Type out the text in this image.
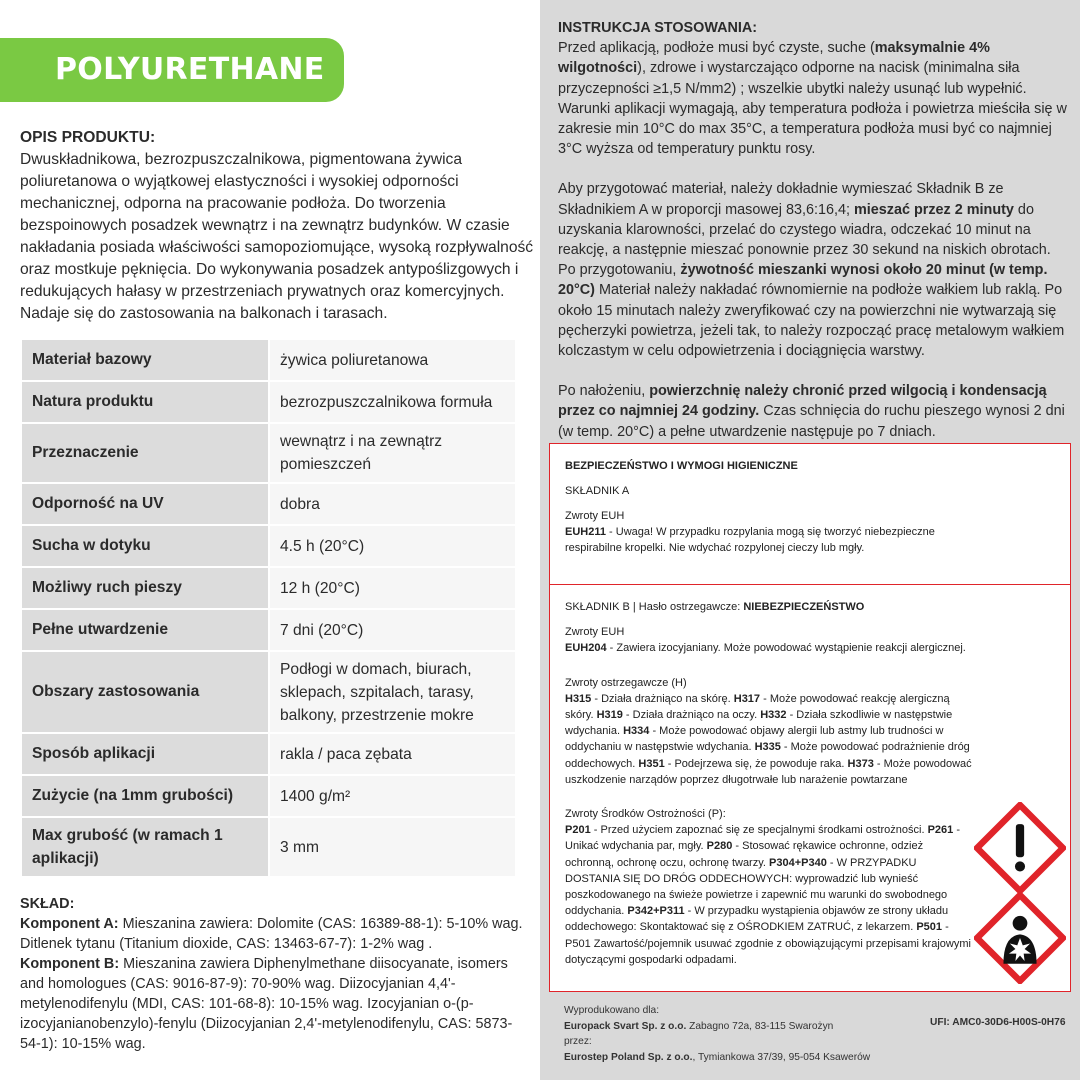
POLYURETHANE
OPIS PRODUKTU:
Dwuskładnikowa, bezrozpuszczalnikowa, pigmentowana żywica poliuretanowa o wyjątkowej elastyczności i wysokiej odporności mechanicznej, odporna na pracowanie podłoża. Do tworzenia bezspoinowych posadzek wewnątrz i na zewnątrz budynków. W czasie nakładania posiada właściwości samopoziomujące, wysoką rozpływalność oraz mostkuje pęknięcia. Do wykonywania posadzek antypoślizgowych i redukujących hałasy w przestrzeniach prywatnych oraz komercyjnych. Nadaje się do zastosowania na balkonach i tarasach.
Materiał bazowy	żywica poliuretanowa
Natura produktu	bezrozpuszczalnikowa formuła
Przeznaczenie	wewnątrz i na zewnątrz pomieszczeń
Odporność na UV	dobra
Sucha w dotyku	4.5 h (20°C)
Możliwy ruch pieszy	12 h (20°C)
Pełne utwardzenie	7 dni (20°C)
Obszary zastosowania	Podłogi w domach, biurach, sklepach, szpitalach, tarasy, balkony, przestrzenie mokre
Sposób aplikacji	rakla / paca zębata
Zużycie (na 1mm grubości)	1400 g/m²
Max grubość (w ramach 1 aplikacji)	3 mm
SKŁAD:
Komponent A: Mieszanina zawiera: Dolomite (CAS: 16389-88-1): 5-10% wag. Ditlenek tytanu (Titanium dioxide, CAS: 13463-67-7): 1-2% wag .
Komponent B: Mieszanina zawiera Diphenylmethane diisocyanate, isomers and homologues (CAS: 9016-87-9): 70-90% wag. Diizocyjanian 4,4'-metylenodifenylu (MDI, CAS: 101-68-8): 10-15% wag. Izocyjanian o-(p-izocyjanianobenzylo)-fenylu (Diizocyjanian 2,4'-metylenodifenylu, CAS: 5873-54-1): 10-15% wag.

INSTRUKCJA STOSOWANIA:

Przed aplikacją, podłoże musi być czyste, suche (maksymalnie 4% wilgotności), zdrowe i wystarczająco odporne na nacisk (minimalna siła przyczepności ≥1,5 N/mm2) ; wszelkie ubytki należy usunąć lub wypełnić. Warunki aplikacji wymagają, aby temperatura podłoża i powietrza mieściła się w zakresie min 10°C do max 35°C, a temperatura podłoża musi być co najmniej 3°C wyższa od temperatury punktu rosy.

Aby przygotować materiał, należy dokładnie wymieszać Składnik B ze Składnikiem A w proporcji masowej 83,6:16,4; mieszać przez 2 minuty do uzyskania klarowności, przelać do czystego wiadra, odczekać 10 minut na reakcję, a następnie mieszać ponownie przez 30 sekund na niskich obrotach. Po przygotowaniu, żywotność mieszanki wynosi około 20 minut (w temp. 20°C) Materiał należy nakładać równomiernie na podłoże wałkiem lub raklą. Po około 15 minutach należy zweryfikować czy na powierzchni nie wytwarzają się pęcherzyki powietrza, jeżeli tak, to należy rozpocząć pracę metalowym wałkiem kolczastym w celu odpowietrzenia i dociągnięcia warstwy.

Po nałożeniu, powierzchnię należy chronić przed wilgocią i kondensacją przez co najmniej 24 godziny. Czas schnięcia do ruchu pieszego wynosi 2 dni (w temp. 20°C) a pełne utwardzenie następuje po 7 dniach.

BEZPIECZEŃSTWO I WYMOGI HIGIENICZNE

SKŁADNIK A

Zwroty EUH

EUH211 - Uwaga! W przypadku rozpylania mogą się tworzyć niebezpieczne respirabilne kropelki. Nie wdychać rozpylonej cieczy lub mgły.

SKŁADNIK B | Hasło ostrzegawcze: NIEBEZPIECZEŃSTWO

Zwroty EUH

EUH204 - Zawiera izocyjaniany. Może powodować wystąpienie reakcji alergicznej.

Zwroty ostrzegawcze (H)

H315 - Działa drażniąco na skórę. H317 - Może powodować reakcję alergiczną skóry. H319 - Działa drażniąco na oczy. H332 - Działa szkodliwie w następstwie wdychania. H334 - Może powodować objawy alergii lub astmy lub trudności w oddychaniu w następstwie wdychania. H335 - Może powodować podrażnienie dróg oddechowych. H351 - Podejrzewa się, że powoduje raka. H373 - Może powodować uszkodzenie narządów poprzez długotrwałe lub narażenie powtarzane

Zwroty Środków Ostrożności (P):

P201 - Przed użyciem zapoznać się ze specjalnymi środkami ostrożności. P261 - Unikać wdychania par, mgły. P280 - Stosować rękawice ochronne, odzież ochronną, ochronę oczu, ochronę twarzy. P304+P340 - W PRZYPADKU DOSTANIA SIĘ DO DRÓG ODDECHOWYCH: wyprowadzić lub wynieść poszkodowanego na świeże powietrze i zapewnić mu warunki do swobodnego oddychania. P342+P311 - W przypadku wystąpienia objawów ze strony układu oddechowego: Skontaktować się z OŚRODKIEM ZATRUĆ, z lekarzem. P501 - P501 Zawartość/pojemnik usuwać zgodnie z obowiązującymi przepisami krajowymi dotyczącymi gospodarki odpadami.

Wyprodukowano dla:
Europack Svart Sp. z o.o. Zabagno 72a, 83-115 Swarożyn
przez:
Eurostep Poland Sp. z o.o., Tymiankowa 37/39, 95-054 Ksawerów
UFI: AMC0-30D6-H00S-0H76
